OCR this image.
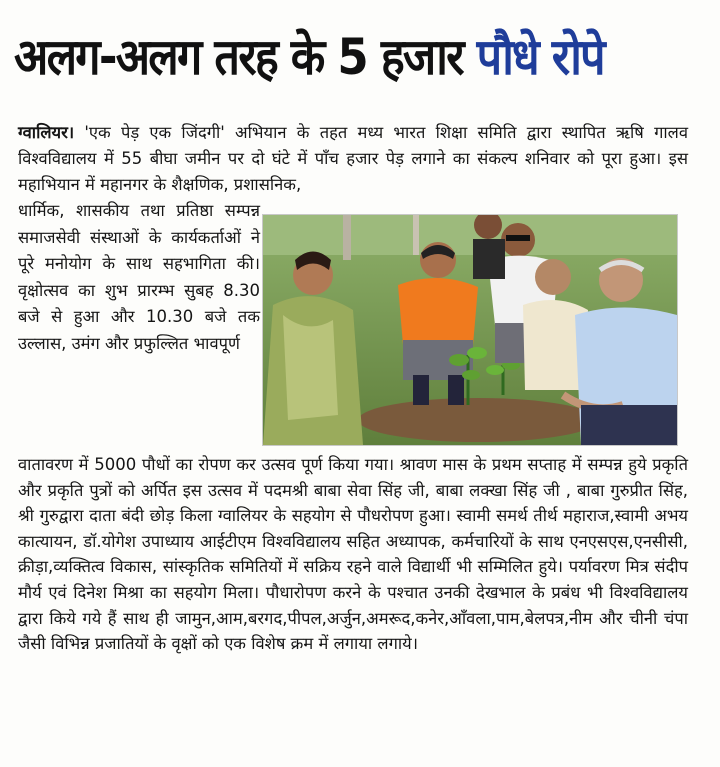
अलग-अलग तरह के 5 हजार पौधे रोपे
ग्वालियर। 'एक पेड़ एक जिंदगी' अभियान के तहत मध्य भारत शिक्षा समिति द्वारा स्थापित ऋषि गालव विश्वविद्यालय में 55 बीघा जमीन पर दो घंटे में पाँच हजार पेड़ लगाने का संकल्प शनिवार को पूरा हुआ। इस महाभियान में महानगर के शैक्षणिक, प्रशासनिक,
धार्मिक, शासकीय तथा प्रतिष्ठा सम्पन्न समाजसेवी संस्थाओं के कार्यकर्ताओं ने पूरे मनोयोग के साथ सहभागिता की। वृक्षोत्सव का शुभ प्रारम्भ सुबह 8.30 बजे से हुआ और 10.30 बजे तक उल्लास, उमंग और प्रफुल्लित भावपूर्ण
वातावरण में 5000 पौधों का रोपण कर उत्सव पूर्ण किया गया। श्रावण मास के प्रथम सप्ताह में सम्पन्न हुये प्रकृति और प्रकृति पुत्रों को अर्पित इस उत्सव में पदमश्री बाबा सेवा सिंह जी, बाबा लक्खा सिंह जी , बाबा गुरुप्रीत सिंह, श्री गुरुद्वारा दाता बंदी छोड़ किला ग्वालियर के सहयोग से पौधरोपण हुआ। स्वामी समर्थ तीर्थ महाराज,स्वामी अभय कात्यायन, डॉ.योगेश उपाध्याय आईटीएम विश्वविद्यालय सहित अध्यापक, कर्मचारियों के साथ एनएसएस,एनसीसी, क्रीड़ा,व्यक्तित्व विकास, सांस्कृतिक समितियों में सक्रिय रहने वाले विद्यार्थी भी सम्मिलित हुये। पर्यावरण मित्र संदीप मौर्य एवं दिनेश मिश्रा का सहयोग मिला। पौधारोपण करने के पश्चात उनकी देखभाल के प्रबंध भी विश्वविद्यालय द्वारा किये गये हैं साथ ही जामुन,आम,बरगद,पीपल,अर्जुन,अमरूद,कनेर,आँवला,पाम,बेलपत्र,नीम और चीनी चंपा जैसी विभिन्न प्रजातियों के वृक्षों को एक विशेष क्रम में लगाया लगाये।
